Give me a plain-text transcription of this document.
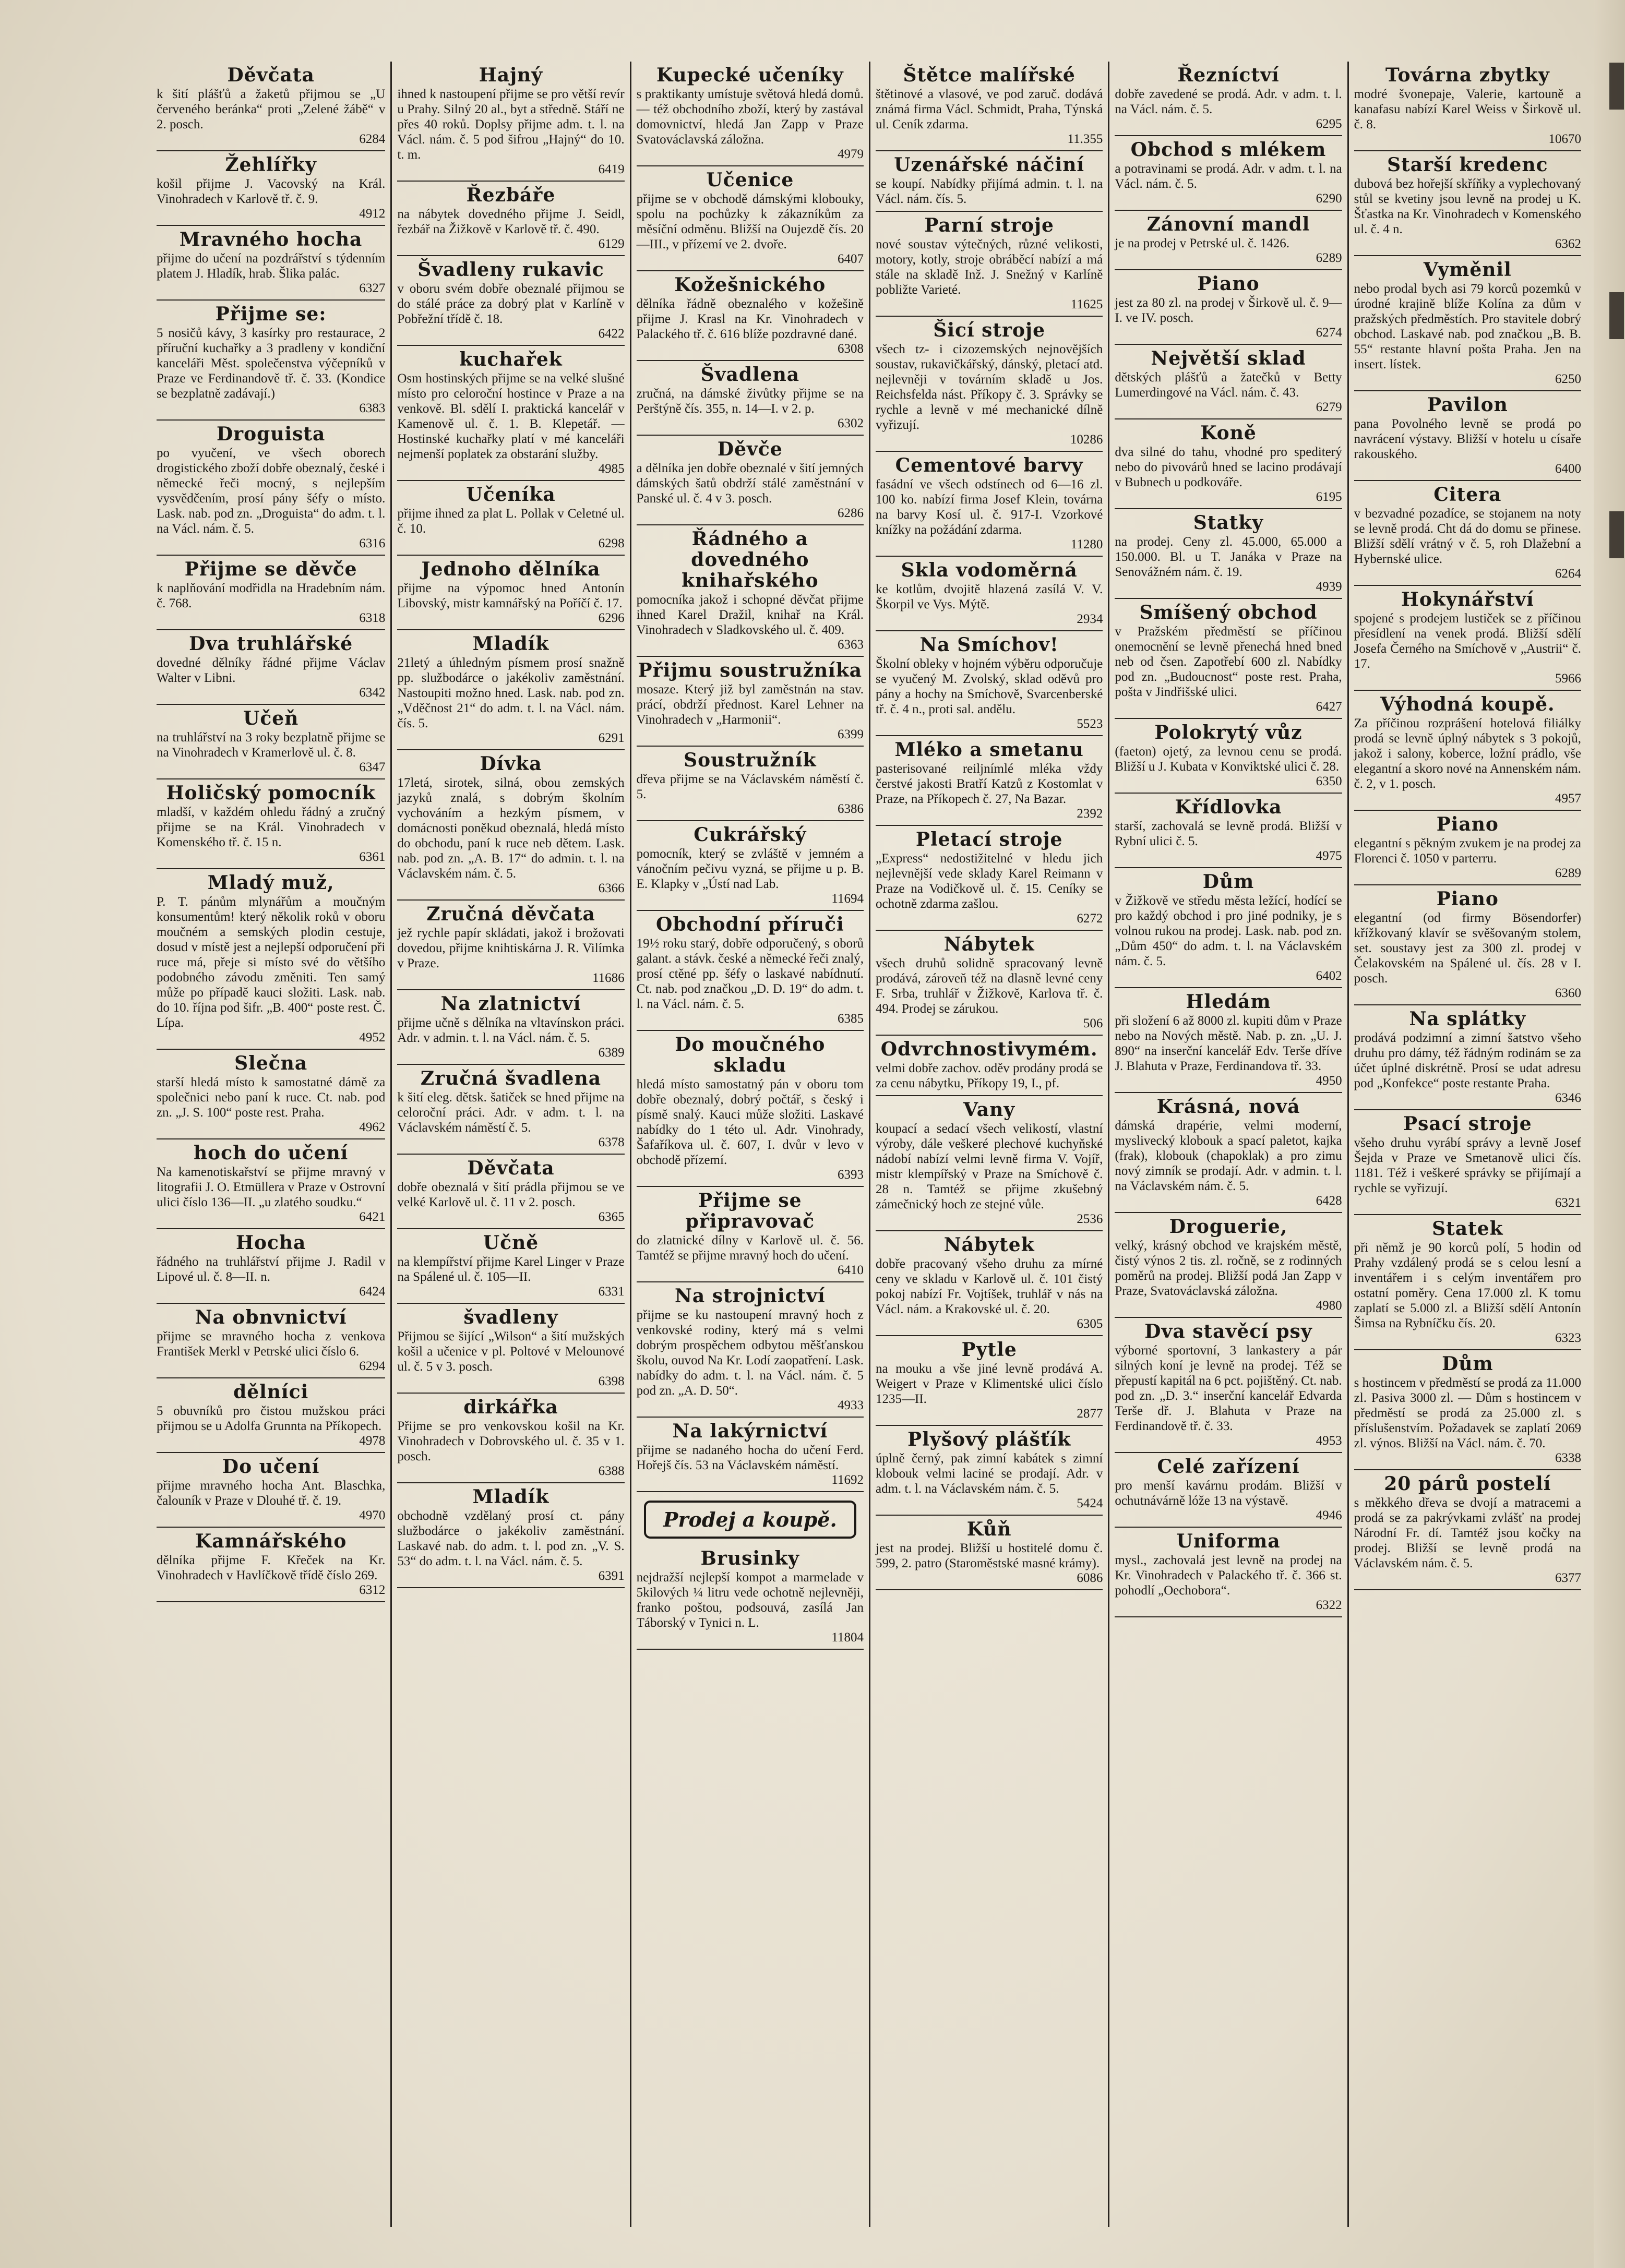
Děvčata
k šití plášťů a žaketů přijmou se „U červeného beránka“ proti „Zelené žábě“ v 2. posch.
6284
Žehlířky
košil přijme J. Vacovský na Král. Vinohradech v Karlově tř. č. 9.
4912
Mravného hocha
přijme do učení na pozdrářství s týdenním platem J. Hladík, hrab. Šlika palác.
6327
Přijme se:
5 nosičů kávy, 3 kasírky pro restaurace, 2 příruční kuchařky a 3 pradleny v kondiční kanceláři Měst. společenstva výčepníků v Praze ve Ferdinandově tř. č. 33. (Kondice se bezplatně zadávají.)
6383
Droguista
po vyučení, ve všech oborech drogistického zboží dobře obeznalý, české i německé řeči mocný, s nejlepším vysvědčením, prosí pány šéfy o místo. Lask. nab. pod zn. „Droguista“ do adm. t. l. na Václ. nám. č. 5.
6316
Přijme se děvče
k naplňování modřidla na Hradebním nám. č. 768.
6318
Dva truhlářské
dovedné dělníky řádné přijme Václav Walter v Libni.
6342
Učeň
na truhlářství na 3 roky bezplatně přijme se na Vinohradech v Kramerlově ul. č. 8.
6347
Holičský pomocník
mladší, v každém ohledu řádný a zručný přijme se na Král. Vinohradech v Komenského tř. č. 15 n.
6361
Mladý muž,
P. T. pánům mlynářům a moučným konsumentům! který několik roků v oboru moučném a semských plodin cestuje, dosud v místě jest a nejlepší odporučení při ruce má, přeje si místo své do většího podobného závodu změniti. Ten samý může po případě kauci složiti. Lask. nab. do 10. října pod šifr. „B. 400“ poste rest. Č. Lípa.
4952
Slečna
starší hledá místo k samostatné dámě za společnici nebo paní k ruce. Ct. nab. pod zn. „J. S. 100“ poste rest. Praha.
4962
hoch do učení
Na kamenotiskařství se přijme mravný v litografii J. O. Etmüllera v Praze v Ostrovní ulici číslo 136—II. „u zlatého soudku.“
6421
Hocha
řádného na truhlářství přijme J. Radil v Lipové ul. č. 8—II. n.
6424
Na obnvnictví
přijme se mravného hocha z venkova František Merkl v Petrské ulici číslo 6.
6294
dělníci
5 obuvníků pro čistou mužskou práci přijmou se u Adolfa Grunnta na Příkopech.
4978
Do učení
přijme mravného hocha Ant. Blaschka, čalouník v Praze v Dlouhé tř. č. 19.
4970
Kamnářského
dělníka přijme F. Křeček na Kr. Vinohradech v Havlíčkově třídě číslo 269.
6312
Hajný
ihned k nastoupení přijme se pro větší revír u Prahy. Silný 20 al., byt a středně. Stáří ne přes 40 roků. Doplsy přijme adm. t. l. na Václ. nám. č. 5 pod šifrou „Hajný“ do 10. t. m.
6419
Řezbáře
na nábytek dovedného přijme J. Seidl, řezbář na Žižkově v Karlově tř. č. 490.
6129
Švadleny rukavic
v oboru svém dobře obeznalé přijmou se do stálé práce za dobrý plat v Karlíně v Pobřežní třídě č. 18.
6422
kuchařek
Osm hostinských přijme se na velké slušné místo pro celoroční hostince v Praze a na venkově. Bl. sdělí I. praktická kancelář v Kamenově ul. č. 1. B. Klepetář. — Hostinské kuchařky platí v mé kanceláři nejmenší poplatek za obstarání služby.
4985
Učeníka
přijme ihned za plat L. Pollak v Celetné ul. č. 10.
6298
Jednoho dělníka
přijme na výpomoc hned Antonín Libovský, mistr kamnářský na Poříčí č. 17.
6296
Mladík
21letý a úhledným písmem prosí snažně pp. službodárce o jakékoliv zaměstnání. Nastoupiti možno hned. Lask. nab. pod zn. „Vděčnost 21“ do adm. t. l. na Václ. nám. čís. 5.
6291
Dívka
17letá, sirotek, silná, obou zemských jazyků znalá, s dobrým školním vychováním a hezkým písmem, v domácnosti poněkud obeznalá, hledá místo do obchodu, paní k ruce neb dětem. Lask. nab. pod zn. „A. B. 17“ do admin. t. l. na Václavském nám. č. 5.
6366
Zručná děvčata
jež rychle papír skládati, jakož i brožovati dovedou, přijme knihtiskárna J. R. Vilímka v Praze.
11686
Na zlatnictví
přijme učně s dělníka na vltavínskon práci. Adr. v admin. t. l. na Václ. nám. č. 5.
6389
Zručná švadlena
k šití eleg. dětsk. šatiček se hned přijme na celoroční práci. Adr. v adm. t. l. na Václavském náměstí č. 5.
6378
Děvčata
dobře obeznalá v šití prádla přijmou se ve velké Karlově ul. č. 11 v 2. posch.
6365
Učně
na klempířství přijme Karel Linger v Praze na Spálené ul. č. 105—II.
6331
švadleny
Přijmou se šijící „Wilson“ a šití mužských košil a učenice v pl. Poltové v Melounové ul. č. 5 v 3. posch.
6398
dirkářka
Přijme se pro venkovskou košil na Kr. Vinohradech v Dobrovského ul. č. 35 v 1. posch.
6388
Mladík
obchodně vzdělaný prosí ct. pány službodárce o jakékoliv zaměstnání. Laskavé nab. do adm. t. l. pod zn. „V. S. 53“ do adm. t. l. na Václ. nám. č. 5.
6391
Kupecké učeníky
s praktikanty umístuje světová hledá domů. — též obchodního zboží, který by zastával domovnictví, hledá Jan Zapp v Praze Svatováclavská záložna.
4979
Učenice
přijme se v obchodě dámskými klobouky, spolu na pochůzky k zákazníkům za měsíční odměnu. Bližší na Oujezdě čís. 20—III., v přízemí ve 2. dvoře.
6407
Kožešnického
dělníka řádně obeznalého v kožešině přijme J. Krasl na Kr. Vinohradech v Palackého tř. č. 616 blíže pozdravné dané.
6308
Švadlena
zručná, na dámské živůtky přijme se na Perštýně čís. 355, n. 14—I. v 2. p.
6302
Děvče
a dělníka jen dobře obeznalé v šití jemných dámských šatů obdrží stálé zaměstnání v Panské ul. č. 4 v 3. posch.
6286
Řádného a dovedného knihařského
pomocníka jakož i schopné děvčat přijme ihned Karel Dražil, knihař na Král. Vinohradech v Sladkovského ul. č. 409.
6363
Přijmu soustružníka
mosaze. Který již byl zaměstnán na stav. prácí, obdrží přednost. Karel Lehner na Vinohradech v „Harmonii“.
6399
Soustružník
dřeva přijme se na Václavském náměstí č. 5.
6386
Cukrářský
pomocník, který se zvláště v jemném a vánočním pečivu vyzná, se přijme u p. B. E. Klapky v „Ústí nad Lab.
11694
Obchodní příruči
19½ roku starý, dobře odporučený, s oborů galant. a stávk. české a německé řeči znalý, prosí ctěné pp. šéfy o laskavé nabídnutí. Ct. nab. pod značkou „D. D. 19“ do adm. t. l. na Václ. nám. č. 5.
6385
Do moučného skladu
hledá místo samostatný pán v oboru tom dobře obeznalý, dobrý počtář, s český i písmě snalý. Kauci může složiti. Laskavé nabídky do 1 této ul. Adr. Vinohrady, Šafaříkova ul. č. 607, I. dvůr v levo v obchodě přízemí.
6393
Přijme se připravovač
do zlatnické dílny v Karlově ul. č. 56. Tamtéž se přijme mravný hoch do učení.
6410
Na strojnictví
přijme se ku nastoupení mravný hoch z venkovské rodiny, který má s velmi dobrým prospěchem odbytou měšťanskou školu, ouvod Na Kr. Lodí zaopatření. Lask. nabídky do adm. t. l. na Václ. nám. č. 5 pod zn. „A. D. 50“.
4933
Na lakýrnictví
přijme se nadaného hocha do učení Ferd. Hořejš čís. 53 na Václavském náměstí.
11692
Prodej a koupě.
Brusinky
nejdražší nejlepší kompot a marmelade v 5kilových ¼ litru vede ochotně nejlevněji, franko poštou, podsouvá, zasílá Jan Táborský v Tynici n. L.
11804
Štětce malířské
štětinové a vlasové, ve pod zaruč. dodává známá firma Václ. Schmidt, Praha, Týnská ul. Ceník zdarma.
11.355
Uzenářské náčiní
se koupí. Nabídky přijímá admin. t. l. na Václ. nám. čís. 5.
Parní stroje
nové soustav výtečných, různé velikosti, motory, kotly, stroje obráběcí nabízí a má stále na skladě Inž. J. Snežný v Karlíně pobližte Varieté.
11625
Šicí stroje
všech tz- i cizozemských nejnovějších soustav, rukavičkářský, dánský, pletací atd. nejlevněji v továrním skladě u Jos. Reichsfelda nást. Příkopy č. 3. Správky se rychle a levně v mé mechanické dílně vyřizují.
10286
Cementové barvy
fasádní ve všech odstínech od 6—16 zl. 100 ko. nabízí firma Josef Klein, továrna na barvy Kosí ul. č. 917-I. Vzorkové knížky na požádání zdarma.
11280
Skla vodoměrná
ke kotlům, dvojitě hlazená zasílá V. V. Škorpil ve Vys. Mýtě.
2934
Na Smíchov!
Školní obleky v hojném výběru odporučuje se vyučený M. Zvolský, sklad oděvů pro pány a hochy na Smíchově, Svarcenberské tř. č. 4 n., proti sal. andělu.
5523
Mléko a smetanu
pasterisované reiljnímlé mléka vždy čerstvé jakosti Bratří Katzů z Kostomlat v Praze, na Příkopech č. 27, Na Bazar.
2392
Pletací stroje
„Express“ nedostižitelné v hledu jich nejlevnější vede sklady Karel Reimann v Praze na Vodičkově ul. č. 15. Ceníky se ochotně zdarma zašlou.
6272
Nábytek
všech druhů solidně spracovaný levně prodává, zároveň též na dlasně levné ceny F. Srba, truhlář v Žižkově, Karlova tř. č. 494. Prodej se zárukou.
506
Odvrchnostivymém.
velmi dobře zachov. oděv prodány prodá se za cenu nábytku, Příkopy 19, I., pf.
Vany
koupací a sedací všech velikostí, vlastní výroby, dále veškeré plechové kuchyňské nádobí nabízí velmi levně firma V. Vojíř, mistr klempířský v Praze na Smíchově č. 28 n. Tamtéž se přijme zkušebný zámečnický hoch ze stejné vůle.
2536
Nábytek
dobře pracovaný všeho druhu za mírné ceny ve skladu v Karlově ul. č. 101 čistý pokoj nabízí Fr. Vojtíšek, truhlář v nás na Václ. nám. a Krakovské ul. č. 20.
6305
Pytle
na mouku a vše jiné levně prodává A. Weigert v Praze v Klimentské ulici číslo 1235—II.
2877
Plyšový plášťík
úplně černý, pak zimní kabátek s zimní klobouk velmi laciné se prodají. Adr. v adm. t. l. na Václavském nám. č. 5.
5424
Kůň
jest na prodej. Bližší u hostitelé domu č. 599, 2. patro (Staroměstské masné krámy).
6086
Řezníctví
dobře zavedené se prodá. Adr. v adm. t. l. na Václ. nám. č. 5.
6295
Obchod s mlékem
a potravinami se prodá. Adr. v adm. t. l. na Václ. nám. č. 5.
6290
Zánovní mandl
je na prodej v Petrské ul. č. 1426.
6289
Piano
jest za 80 zl. na prodej v Širkově ul. č. 9—I. ve IV. posch.
6274
Největší sklad
dětských plášťů a žatečků v Betty Lumerdingové na Václ. nám. č. 43.
6279
Koně
dva silné do tahu, vhodné pro spediterý nebo do pivovárů hned se lacino prodávají v Bubnech u podkováře.
6195
Statky
na prodej. Ceny zl. 45.000, 65.000 a 150.000. Bl. u T. Janáka v Praze na Senovážném nám. č. 19.
4939
Smíšený obchod
v Pražském předměstí se příčinou onemocnění se levně přenechá hned bned neb od čsen. Zapotřebí 600 zl. Nabídky pod zn. „Budoucnost“ poste rest. Praha, pošta v Jindřišské ulici.
6427
Polokrytý vůz
(faeton) ojetý, za levnou cenu se prodá. Bližší u J. Kubata v Konviktské ulici č. 28.
6350
Křídlovka
starší, zachovalá se levně prodá. Bližší v Rybní ulici č. 5.
4975
Dům
v Žižkově ve středu města ležící, hodící se pro každý obchod i pro jiné podniky, je s volnou rukou na prodej. Lask. nab. pod zn. „Dům 450“ do adm. t. l. na Václavském nám. č. 5.
6402
Hledám
při složení 6 až 8000 zl. kupiti dům v Praze nebo na Nových městě. Nab. p. zn. „U. J. 890“ na inserční kancelář Edv. Terše dříve J. Blahuta v Praze, Ferdinandova tř. 33.
4950
Krásná, nová
dámská drapérie, velmi moderní, myslivecký klobouk a spací paletot, kajka (frak), klobouk (chapoklak) a pro zimu nový zimník se prodají. Adr. v admin. t. l. na Václavském nám. č. 5.
6428
Droguerie,
velký, krásný obchod ve krajském městě, čistý výnos 2 tis. zl. ročně, se z rodinných poměrů na prodej. Bližší podá Jan Zapp v Praze, Svatováclavská záložna.
4980
Dva stavěcí psy
výborné sportovní, 3 lankastery a pár silných koní je levně na prodej. Též se přepustí kapitál na 6 pct. pojištěný. Ct. nab. pod zn. „D. 3.“ inserční kancelář Edvarda Terše dř. J. Blahuta v Praze na Ferdinandově tř. č. 33.
4953
Celé zařízení
pro menší kavárnu prodám. Bližší v ochutnávárně lóže 13 na výstavě.
4946
Uniforma
mysl., zachovalá jest levně na prodej na Kr. Vinohradech v Palackého tř. č. 366 st. pohodlí „Oechobora“.
6322
Továrna zbytky
modré švonepaje, Valerie, kartouně a kanafasu nabízí Karel Weiss v Širkově ul. č. 8.
10670
Starší kredenc
dubová bez hořejší skříňky a vyplechovaný stůl se kvetiny jsou levně na prodej u K. Šťastka na Kr. Vinohradech v Komenského ul. č. 4 n.
6362
Vyměnil
nebo prodal bych asi 79 korců pozemků v úrodné krajině blíže Kolína za dům v pražských předměstích. Pro stavitele dobrý obchod. Laskavé nab. pod značkou „B. B. 55“ restante hlavní pošta Praha. Jen na insert. lístek.
6250
Pavilon
pana Povolného levně se prodá po navrácení výstavy. Bližší v hotelu u císaře rakouského.
6400
Citera
v bezvadné pozadíce, se stojanem na noty se levně prodá. Cht dá do domu se přinese. Bližší sdělí vrátný v č. 5, roh Dlažební a Hybernské ulice.
6264
Hokynářství
spojené s prodejem lustiček se z příčinou přesídlení na venek prodá. Bližší sdělí Josefa Černého na Smíchově v „Austrii“ č. 17.
5966
Výhodná koupě.
Za příčinou rozprášení hotelová filiálky prodá se levně úplný nábytek s 3 pokojů, jakož i salony, koberce, ložní prádlo, vše elegantní a skoro nové na Annenském nám. č. 2, v 1. posch.
4957
Piano
elegantní s pěkným zvukem je na prodej za Florenci č. 1050 v parterru.
6289
Piano
elegantní (od firmy Bösendorfer) křížkovaný klavír se svěšovaným stolem, set. soustavy jest za 300 zl. prodej v Čelakovském na Spálené ul. čís. 28 v I. posch.
6360
Na splátky
prodává podzimní a zimní šatstvo všeho druhu pro dámy, též řádným rodinám se za účet úplné diskrétně. Prosí se udat adresu pod „Konfekce“ poste restante Praha.
6346
Psací stroje
všeho druhu vyrábí správy a levně Josef Šejda v Praze ve Smetanově ulici čís. 1181. Též i veškeré správky se přijímají a rychle se vyřizují.
6321
Statek
při němž je 90 korců polí, 5 hodin od Prahy vzdálený prodá se s celou lesní a inventářem i s celým inventářem pro ostatní poměry. Cena 17.000 zl. K tomu zaplatí se 5.000 zl. a Bližší sdělí Antonín Šimsa na Rybníčku čís. 20.
6323
Dům
s hostincem v předměstí se prodá za 11.000 zl. Pasiva 3000 zl. — Dům s hostincem v předměstí se prodá za 25.000 zl. s příslušenstvím. Požadavek se zaplatí 2069 zl. výnos. Bližší na Václ. nám. č. 70.
6338
20 párů postelí
s měkkého dřeva se dvojí a matracemi a prodá se za pakrývkami zvlášť na prodej Národní Fr. dí. Tamtéž jsou kočky na prodej. Bližší se levně prodá na Václavském nám. č. 5.
6377
